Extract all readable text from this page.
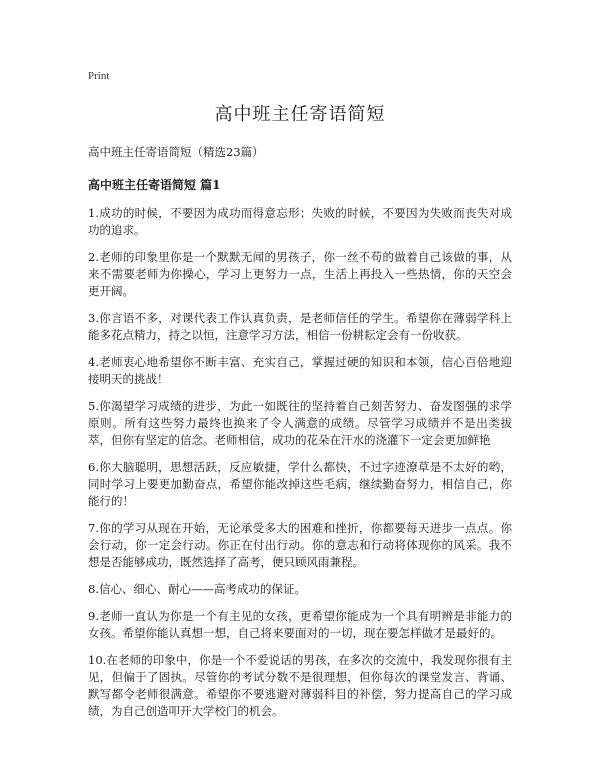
Print
高中班主任寄语简短
高中班主任寄语简短（精选23篇）
高中班主任寄语简短 篇1

1.成功的时候，不要因为成功而得意忘形；失败的时候，不要因为失败而丧失对成功的追求。

2.老师的印象里你是一个默默无闻的男孩子，你一丝不苟的做着自己该做的事，从来不需要老师为你操心，学习上更努力一点，生活上再投入一些热情，你的天空会更开阔。

3.你言语不多，对课代表工作认真负责，是老师信任的学生。希望你在薄弱学科上能多花点精力，持之以恒，注意学习方法，相信一份耕耘定会有一份收获。

4.老师衷心地希望你不断丰富、充实自己，掌握过硬的知识和本领，信心百倍地迎接明天的挑战！

5.你渴望学习成绩的进步，为此一如既往的坚持着自己刻苦努力、奋发图强的求学原则。所有这些努力最终也换来了令人满意的成绩。尽管学习成绩并不是出类拔萃，但你有坚定的信念。老师相信，成功的花朵在汗水的浇灌下一定会更加鲜艳

6.你大脑聪明，思想活跃，反应敏捷，学什么都快，不过字迹潦草是不太好的哟，同时学习上要更加勤奋点，希望你能改掉这些毛病，继续勤奋努力，相信自己，你能行的！

7.你的学习从现在开始，无论承受多大的困难和挫折，你都要每天进步一点点。你会行动，你一定会行动。你正在付出行动。你的意志和行动将体现你的风采。我不想是否能够成功，既然选择了高考，便只顾风雨兼程。

8.信心、细心、耐心——高考成功的保证。

9.老师一直认为你是一个有主见的女孩，更希望你能成为一个具有明辨是非能力的女孩。希望你能认真想一想，自己将来要面对的一切，现在要怎样做才是最好的。

10.在老师的印象中，你是一个不爱说话的男孩，在多次的交流中，我发现你很有主见，但偏于了固执。尽管你的考试分数不是很理想，但你每次的课堂发言、背诵、默写都令老师很满意。希望你不要逃避对薄弱科目的补偿，努力提高自己的学习成绩，为自己创造叩开大学校门的机会。
